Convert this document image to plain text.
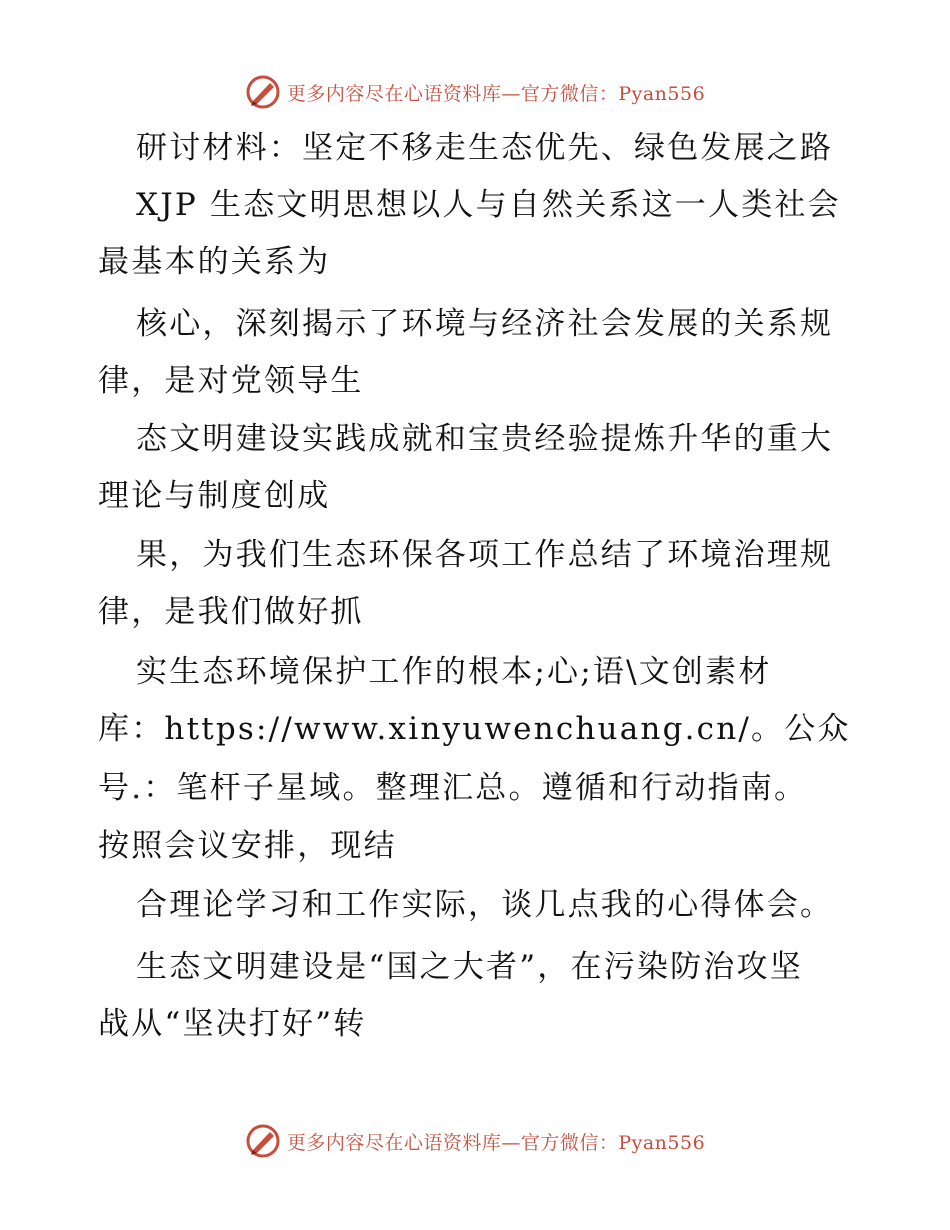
更多内容尽在心语资料库—官方微信：Pyan556
研讨材料：坚定不移走生态优先、绿色发展之路
XJP 生态文明思想以人与自然关系这一人类社会
最基本的关系为
核心，深刻揭示了环境与经济社会发展的关系规
律，是对党领导生
态文明建设实践成就和宝贵经验提炼升华的重大
理论与制度创成
果，为我们生态环保各项工作总结了环境治理规
律，是我们做好抓
实生态环境保护工作的根本;心;语\文创素材
库：https://www.xinyuwenchuang.cn/。公众
号.：笔杆子星域。整理汇总。遵循和行动指南。
按照会议安排，现结
合理论学习和工作实际，谈几点我的心得体会。
生态文明建设是“国之大者”，在污染防治攻坚
战从“坚决打好”转
更多内容尽在心语资料库—官方微信：Pyan556
